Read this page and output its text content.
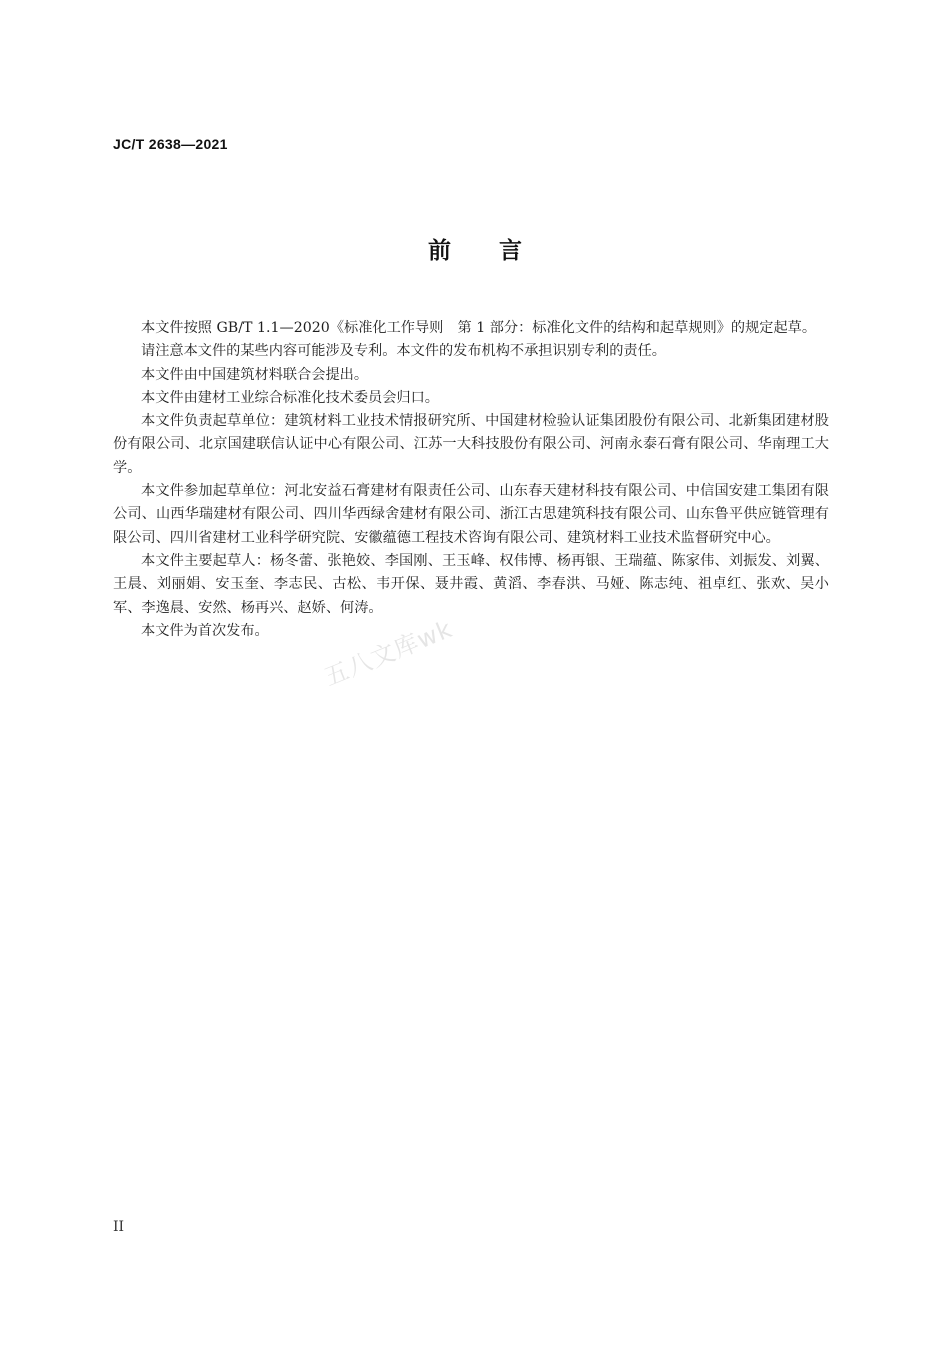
JC/T 2638—2021
前言

本文件按照 GB/T 1.1—2020《标准化工作导则　第 1 部分：标准化文件的结构和起草规则》的规定起草。

请注意本文件的某些内容可能涉及专利。本文件的发布机构不承担识别专利的责任。

本文件由中国建筑材料联合会提出。

本文件由建材工业综合标准化技术委员会归口。

本文件负责起草单位：建筑材料工业技术情报研究所、中国建材检验认证集团股份有限公司、北新集团建材股份有限公司、北京国建联信认证中心有限公司、江苏一大科技股份有限公司、河南永泰石膏有限公司、华南理工大学。

本文件参加起草单位：河北安益石膏建材有限责任公司、山东春天建材科技有限公司、中信国安建工集团有限公司、山西华瑞建材有限公司、四川华西绿舍建材有限公司、浙江古思建筑科技有限公司、山东鲁平供应链管理有限公司、四川省建材工业科学研究院、安徽蕴德工程技术咨询有限公司、建筑材料工业技术监督研究中心。

本文件主要起草人：杨冬蕾、张艳姣、李国刚、王玉峰、权伟博、杨再银、王瑞蕴、陈家伟、刘振发、刘翼、王晨、刘丽娟、安玉奎、李志民、古松、韦开保、聂井霞、黄滔、李春洪、马娅、陈志纯、祖卓红、张欢、吴小军、李逸晨、安然、杨再兴、赵娇、何涛。

本文件为首次发布。	五八文库wk
II
